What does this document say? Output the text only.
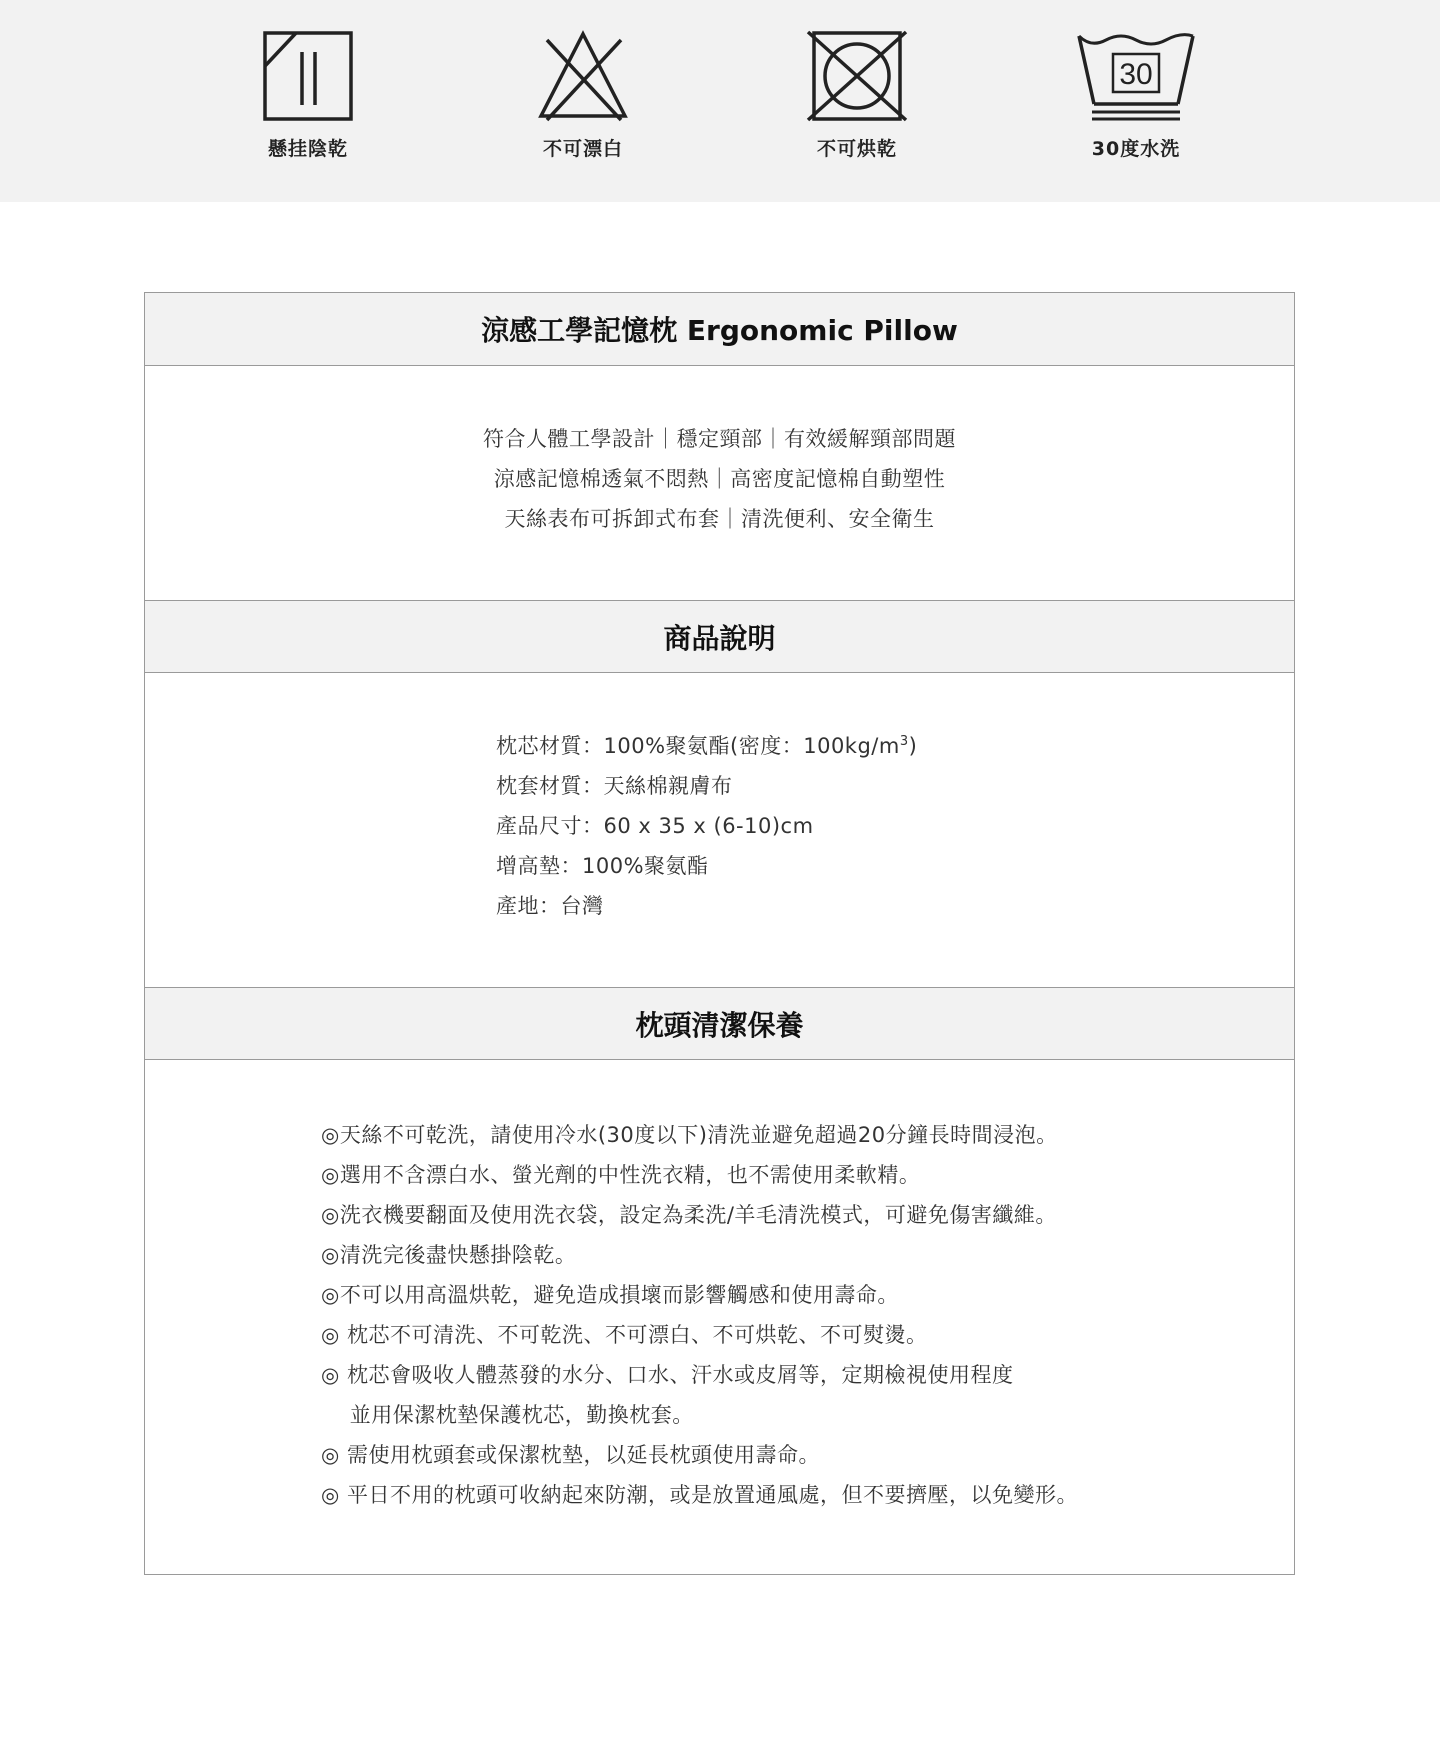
懸挂陰乾	不可漂白	不可烘乾
30
30度水洗
涼感工學記憶枕 Ergonomic Pillow
符合人體工學設計｜穩定頸部｜有效緩解頸部問題
涼感記憶棉透氣不悶熱｜高密度記憶棉自動塑性
天絲表布可拆卸式布套｜清洗便利、安全衛生
商品說明
枕芯材質：100%聚氨酯(密度：$100kg/m^3$)
枕套材質：天絲棉親膚布
產品尺寸：60 x 35 x (6-10)cm
增高墊：100%聚氨酯
產地：台灣
枕頭清潔保養
◎天絲不可乾洗，請使用冷水(30度以下)清洗並避免超過20分鐘長時間浸泡。
◎選用不含漂白水、螢光劑的中性洗衣精，也不需使用柔軟精。
◎洗衣機要翻面及使用洗衣袋，設定為柔洗/羊毛清洗模式，可避免傷害纖維。
◎清洗完後盡快懸掛陰乾。
◎不可以用高溫烘乾，避免造成損壞而影響觸感和使用壽命。
◎ 枕芯不可清洗、不可乾洗、不可漂白、不可烘乾、不可熨燙。
◎ 枕芯會吸收人體蒸發的水分、口水、汗水或皮屑等，定期檢視使用程度
並用保潔枕墊保護枕芯，勤換枕套。
◎ 需使用枕頭套或保潔枕墊，以延長枕頭使用壽命。
◎ 平日不用的枕頭可收納起來防潮，或是放置通風處，但不要擠壓，以免變形。
